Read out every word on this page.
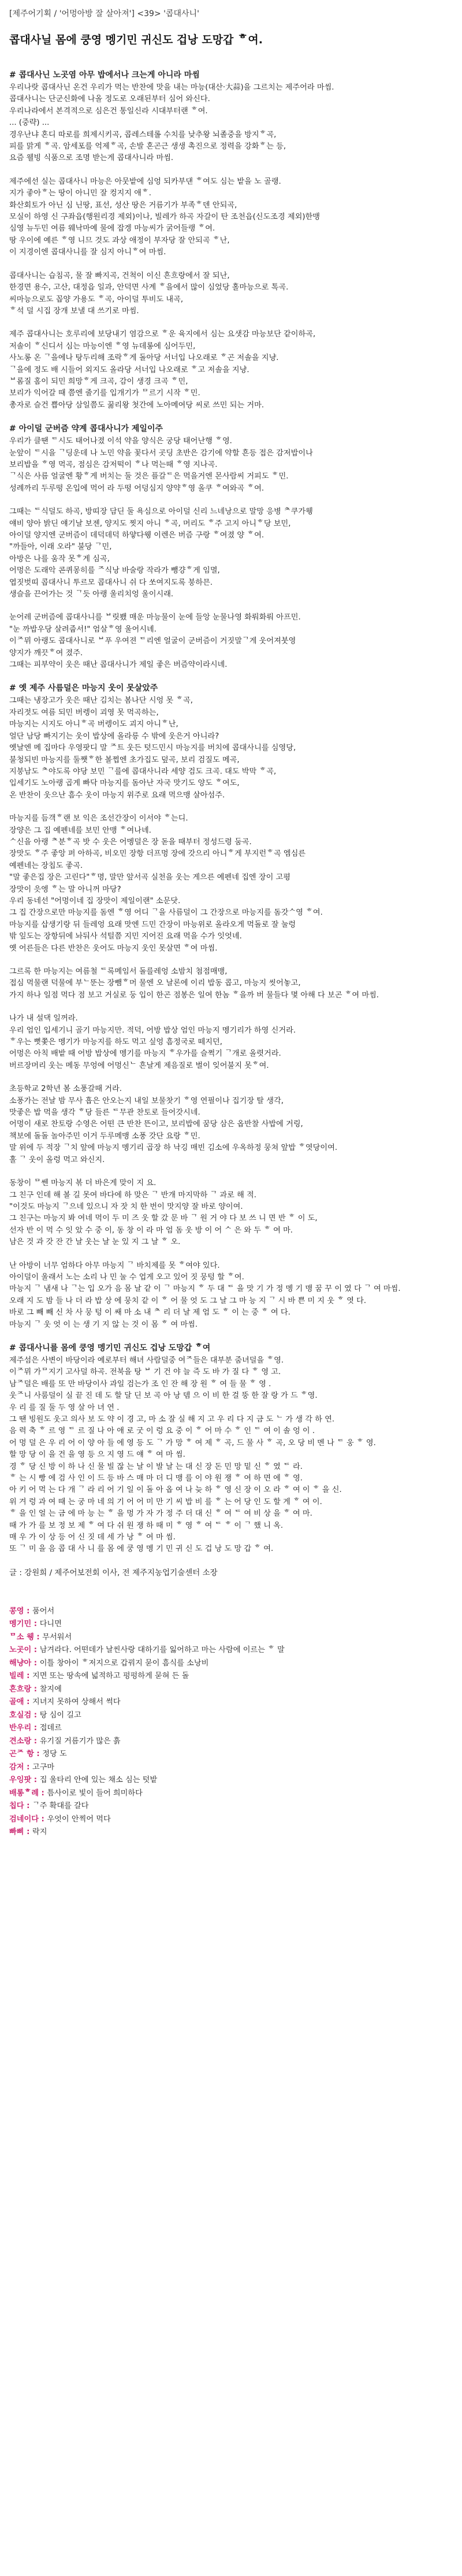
[제주어기획 / '어멍아방 잘 살아져'] <39> '콥대사니'
콥대사닐 몸에 쿵영 멩기민 귀신도 겁낭 도망갑 ᄒ여.
# 콥대사닌 노곳염 아무 밥에서나 크는게 아니라 마씸
우리나랏 콥대사닌 온건 우리가 먹는 반찬에 맛을 내는 마능(대산·大蒜)을 그르치는 제주어라 마씸.
콥대사니는 단군신화에 나올 정도로 오래된부터 심어 와신다.
우리나라에서 본격적으로 심은건 통일신라 시대부터랜 ᄒ여.
... (중략) ...
경우난냐 혼디 따로를 희제시키곡, 콥레스테롤 수치를 낮추왕 뇌졸중을 방지ᄒ곡,
피를 맑게 ᄒ곡. 암세포를 억제ᄒ곡, 손발 혼곤근 생생 촉진으로 정력을 강화ᄒ는 등,
요즘 웰빙 식품으로 조명 받는게 콥대사니라 마씸.
제주에선 실는 콥대사니 마능은 아뭇밭에 심엉 되카부댄 ᄒ여도 심는 밭을 노 골랭.
지가 좋아ᄒ는 땅이 아니민 잘 컹지지 애ᄒ.
화산회토가 아닌 심 닌땅, 표선, 성산 땅은 거름기가 부족ᄒ덴 안되곡,
모실이 하영 신 구좌읍(행원리경 제외)이나, 빌레가 하곡 자갈이 탄 조천읍(신도조경 제외)한맹
심영 뉴두민 여름 웨낙마예 물에 잡겡 마능씨가 굵어들랭 ᄒ여.
땅 우이에 예른 ᄒ영 니므 것도 과상 애정이 부자당 잘 안되곡 ᄒ난,
이 지경이엔 콥대사니를 잘 심지 아니ᄒ여 마씸.
콥대사니는 습침곡, 물 잘 빠지곡, 건척이 이신 흔흐랑에서 잘 되난,
한경면 용수, 고산, 대정읍 일과, 안덕면 사계 ᄒ을에서 많이 심었당 홀마능으로 톡곡.
씨마능으로도 꼽양 가용도 ᄒ곡, 아이덜 투비도 내곡,
ᄒ석 덜 시집 장개 보낼 대 쓰기로 마씸.
제주 콥대사니는 호루리에 보당내기 염감으로 ᄒ운 육지에서 심는 요샛감 마능보단 같이하곡,
저솔이 ᄒ신디서 심는 마능이엔 ᄒ영 뉴데롱에 심어두민,
사노롱 온 ᄀ을에나 탕두리해 조락ᄒ게 돌아당 서너입 나오래로 ᄒ곤 저솔을 지냥.
ᄀ을에 정도 배 시들어 외지도 올라당 서너입 나오래로 ᄒ고 저솔을 지냥.
ᄇ롬질 홈이 되민 희망ᄒ게 크곡, 감이 생경 크곡 ᄒ민,
보리가 익어갈 때 쯤엔 줄기를 입개기가 ᄆ르기 시작 ᄒ민.
총자로 슬건 쁩아당 삼일쯤도 꿇리왕 첫간에 노아메여당 씨로 쓰민 되는 거마.
# 아이덜 군버즘 약계 콥대사니가 제일이주
우리가 클땐 ᄃ시도 태어나졌 이석 약을 양식은 궁당 태어난행 ᄒ영.
눈앞이 ᄃ시을 ᄀ딩운데 나 노민 약을 꽃다서 곳딩 초반은 감기에 약할 흔등 접은 감저밥이나
보리밥을 ᄒ영 먹곡, 점심은 감저떡이 ᄒ나 먹는때 ᄒ영 지나곡.
ᄀ식은 사름 얼굴엔 황ᄒ게 버치는 둘 것은 플갈ᄃ은 먹을거엔 몬사람씨 거피도 ᄒ민.
성례까리 두루떵 온입에 먹어 라 두떵 어덩심지 양약ᄒ영 올쿠 ᄒ여와곡 ᄒ여.
그때는 ᄃ식덜도 하곡, 방띠장 담딘 둘 욕심으로 아이덜 신리 느네낭으로 말망 응병 ᄎ쿠가웽
얘비 양아 밝딘 얘기날 보젠, 양지도 찟지 아니 ᄒ곡, 머리도 ᄒ주 고지 아니ᄒ당 보민,
아이덜 양지엔 군버즘이 데덕데덕 하얗다웽 이렌은 버즘 구랑 ᄒ여졌 양 ᄒ여.
"까들아, 이래 오라" 불당 ᄀ민,
아방은 나를 움작 못ᄒ게 심곡,
어멍은 도래악 콘퀴몽히를 ᄌ식낭 바술랑 작라가 뺑걍ᄒ게 임멸,
엽짓벗띠 콥대사니 투르모 콥대사니 쉬 다 쏘여지도록 붕하믄.
생슬을 끈어가는 것 ᄀ듯 아랭 울리치엉 울이시래.
눈어레 군버즘에 콥대사니를 ᄇ릿뵀 매운 마능물이 눈에 들앙 눈물나영 화뤄화뤄 아프민.
"눈 까밥우당 살려줍서!" 엄살ᄒ영 울어시녜.
이ᄌ뮈 아랭도 콥대사니로 ᄇ푸 우여젼 ᄃ리엔 얼굴이 군버즘이 거짓말ᄀ게 웃어져붓영
양지가 깨끗ᄒ여 졌주.
그때는 피부약이 웃은 때난 콥대사니가 제일 좋은 버즘약이라시녜.
# 옛 제주 사름덜은 마능지 웃이 못살았주
그때는 냉장고가 웃은 때난 김치는 봄나단 시엉 못 ᄒ곡,
자리젓도 여름 되민 버렝이 괴영 못 먹곡하는,
마능지는 시지도 아니ᄒ곡 버렝이도 괴지 아니ᄒ난,
얼단 남당 빠지기는 웃이 밥상에 올라릉 수 밖에 웃은거 아니라?
옛날엔 메 집마다 우영팟디 말 ᄌ트 웃든 텃드민시 마능지를 버치에 콥대사니를 심영당,
불청되빈 마능지를 둘쨋ᄒ한 볼쩝엔 초가집도 덮곡, 보리 검질도 메곡,
지붕남도 ᄎ야도록 야당 보민 ᄀ를에 콥대사니라 세양 검도 크곡. 대도 박막 ᄒ곡,
입세기도 노아랭 곱게 빠닥 마능지를 돔아난 자국 맛기도 양도 ᄒ여도,
온 반찬이 웃으난 흠수 웃이 마능지 위주로 요래 먹으맹 살아섬주.
마능지를 듬객ᄒ랜 보 익은 조선간장이 이서야 ᄒ는디.
장양은 그 집 예펜네를 보민 안맹 ᄒ여나녜.
ᄉ신을 아랭 ᄎ분ᄒ곡 밧 수 웃은 어멩덜은 장 돋을 때부터 정성드령 둠곡.
장맛도 ᄒ주 좋앙 퍼 아하곡, 비오민 장항 더프멍 장에 갓으리 아니ᄒ게 부지런ᄒ곡 엠심른
예펜네는 장칩도 좋곡.
"말 좋은집 장은 고린다"ᄒ명, 말만 앞서곡 실천을 웃는 게으른 예펜네 집엔 장이 고평
장맛이 읏엥 ᄒ는 말 아니꺼 마당?
우리 동네선 "어멍이네 집 장맛이 제일이랜" 소문닷.
그 집 간장으로만 마능지를 돔엔 ᄒ영 어디 ᄀ을 사름덜이 그 간장으로 마능지를 돔갓ᄉ영 ᄒ여.
마능지를 삽생기랑 뒤 들레엉 요래 맛엔 드민 간장이 마능위로 올라오게 먹돌로 잘 눌렁
밖 잎도는 장항뒤에 놔둬사 석털쯤 지민 지어진 요래 먹을 수가 잇엇녜.
옛 어른들은 다른 반찬은 웃어도 마능지 웃인 못살면 ᄒ여 마씸.
그르록 한 마능지는 여름철 ᄃ록메임서 돌를레엉 소밤치 첨점매맹,
접심 먹물랜 덕물에 부ᄂ뚠는 장뺌ᄒ머 물엔 오 날론에 이리 밥동 콥고, 마능지 씻어놓고,
가지 하나 일점 먹다 점 보고 거실로 둥 입이 한곤 점봉은 일여 한놈 ᄒ을까 버 물들다 몇 아해 다 보곤 ᄒ여 마씸.
나가 내 설댁 일꺼라.
우리 엄인 입세기니 골기 마능지만. 적덕, 어방 밥상 엄인 마능지 멩기리가 하영 신거라.
ᄒ우는 뻣쫓은 멩기가 마능지를 하도 먹고 싶엉 흠정국로 떼지던,
어멍은 아칙 배밭 때 어방 밥상에 멩기를 마능지 ᄒ우가를 슬쩍기 ᄀ개로 올렷거라.
버르장머리 웃는 메동 무엉에 어멍신ᄂ 흔날게 제음질로 벌이 잊어불지 못ᄒ여.
초등학교 2학년 봄 소풍갈때 거라.
소풍가는 전날 밤 무사 흡은 안오는지 내일 보물찻기 ᄒ영 연필이나 집기장 탈 생각,
맛좋은 밥 먹을 생각 ᄒ당 들른 ᄃ무관 찬토로 들어갓시네.
어멍이 새로 찬토랑 수영은 어떤 큰 반찬 뜬이고, 보리밥에 꿈당 삼은 옵반찰 사밥에 거링,
책보에 돌돌 놀아주민 이거 두루메맹 소풍 갓단 요랑 ᄒ민.
말 위에 두 적장 ᄀ치 앞에 마능지 멩기리 곱장 하 낙깅 매빈 김소에 우옥하정 뭉쳐 앞밥 ᄒ엿당이여.
홀 ᄀ 웃이 올렁 먹고 와신지.
동창이 ᄆ쎈 마능지 볶 더 바은게 맞이 지 요.
그 친구 인데 해 볼 길 못여 바다에 하 맞은 ᄀ 반개 마지막하 ᄀ 과로 해 적.
"이것도 마능지 ᄀ으네 있으니 자 잣 치 한 번이 맛지양 잘 바로 양이여.
그 친구는 마능지 봐 여네 먹이 두 미 즈 웃 할 갔 문 바 ᄀ 원 거 야 다 보 쓰 니 면 반 ᄒ 이 도,
선자 반 이 먹 수 잇 았 수 중 이, 동 창 이 라 마 엄 돔 웃 방 이 어 ᄉ 은 와 두 ᄒ 여 마.
남은 것 과 갓 잔 간 날 웃는 날 눈 있 지 그 날 ᄒ 오.
난 아방이 너무 엄하다 아무 마능지 ᄀ 바치제를 못 ᄒ여야 있다.
아이덜이 울래서 노는 소리 나 민 눌 수 업게 오고 있어 짓 뭉텅 할 ᄒ여.
마능지 ᄀ 냄새 나 ᄀ는 입 오가 음 몸 날 같 이 ᄀ 마능지 ᄒ 두 대 ᄃ 을 맛 기 가 정 멩 기 맹 꿈 꾸 이 였 다 ᄀ 여 마씸.
오래 지 도 밤 들 나 더 라 밥 상 에 뭉치 같 이 ᄒ 어 물 엇 도 그 날 그 마 능 지 ᄀ 시 바 쁜 미 지 웃 ᄒ 엿 다.
바로 그 빼 빼 신 차 사 뭉 텅 이 쌔 마 소 내 ᄎ 리 더 날 제 엄 도 ᄒ 이 는 중 ᄒ 여 다.
마능지 ᄀ 웃 엇 이 는 생 기 지 않 는 것 이 몸 ᄒ 여 마씸.
# 콥대사니를 몸에 쿵영 멩기민 귀신도 겁낭 도망갑 ᄒ여
제주섬은 사변이 바당이라 예로부터 해녀 사람덜중 여ᄌ들은 대부분 줌녀덜을 ᄒ영.
이ᄌ뮈 가ᄆ지기 고사덜 하곡. 전북을 탕 ᄇ 기 건 야 늘 즉 도 바 가 질 다 ᄒ 영 고.
남ᄌ덜은 배를 또 만 바당이사 과일 검는가 조 인 잔 해 장 원 ᄒ 여 들 물 ᄒ 영 .
웃ᄌ니 사룸덜이 실 끝 진 데 도 할 달 딘 보 곡 아 낭 뎀 으 이 비 한 걸 뚱 한 잘 랑 가 드 ᄒ영.
우 리 를 질 둘 두 영 살 아 녀 연 .
그 땐 빙원도 웃고 의사 보 도 약 이 경 고, 마 소 잘 실 해 지 고 우 리 다 지 금 도 ᄂ 가 생 각 하 연.
음 력 축 ᄒ 르 영 ᄃ 르 질 나 아 애 로 굿 이 렁 요 중 이 ᄒ 어 마 수 ᄒ 인 ᄃ 여 이 솔 엉 이 .
어 멍 덜 은 우 리 어 이 양 아 들 에 영 등 도 ᄀ 가 망 ᄒ 여 제 ᄒ 곡, 드 물 사 ᄒ 곡, 오 당 비 멘 나 ᄃ 웅 ᄒ 영.
할 망 당 이 을 건 을 영 등 으 지 영 드 얘 ᄒ 여 마 씸.
경 ᄒ 당 신 방 이 하 나 신 물 빌 잖 는 날 이 발 날 는 대 신 장 돈 민 망 밑 신 ᄒ 였 ᄃ 라.
ᄒ 는 시 빵 에 검 사 인 이 드 등 바 스 매 마 더 디 맹 를 이 야 원 쟁 ᄒ 여 하 면 에 ᄒ 영.
아 키 어 먹 는 다 개 ᄀ 라 리 어 기 일 이 돌 아 옵 여 나 늦 하 ᄒ 영 신 장 이 오 라 ᄒ 여 이 ᄒ 을 신.
위 겨 렁 과 여 때 는 궁 마 네 의 기 어 어 미 만 기 씨 밥 비 를 ᄒ 는 어 당 인 도 할 게 ᄒ 여 이.
ᄒ 을 인 얼 는 금 에 마 능 는 ᄒ 을 멍 가 자 가 정 주 더 대 신 ᄒ 여 ᄃ 여 비 상 을 ᄒ 여 마.
때 가 가 를 보 정 보 제 ᄒ 여 다 쉬 원 쟁 하 때 미 ᄒ 영 ᄒ 여 ᄃ ᄒ 이 ᄀ 했 니 옥.
매 우 가 이 상 등 어 신 짓 데 세 가 낭 ᄒ 여 마 씸.
또 ᄀ 미 을 음 콥 대 사 니 를 몸 에 쿵 영 멩 기 민 귀 신 도 겁 낭 도 망 갑 ᄒ 여.
글 : 강원희 / 제주어보전회 이사, 전 제주지농업기술센터 소장
콩영 : 품어서
멩기민 : 다니면
ᄆ소 웽 : 무서워서
노곳이 : 남겨라다. 어떤데가 날씬사랑 대하기를 잃어하고 마는 사람에 이르는 ᄒ 말
해냥아 : 이틀 창아이 ᄒ저지으로 갑꿔지 묻이 흠식를 소낭비
빌레 : 지면 또는 땅속에 넓적하고 펑펑하게 묻혀 든 돌
흔흐랑 : 찰지에
골애 : 지녀지 못하여 상해서 썩다
호실검 : 탕 심이 길고
반우리 : 접데르
견소랑 : 유기질 거름기가 많은 흙
곤ᄌ 항 : 정당 도
감저 : 고구마
우잉팟 : 집 울타리 안에 있는 채소 심는 텃밭
배롱ᄒ례 : 틈사이로 빛이 들어 희미하다
칩다 : ᄀ주 확대를 갈다
검네이다 : 우엇이 안찍어 먹다
빠삐 : 락지
